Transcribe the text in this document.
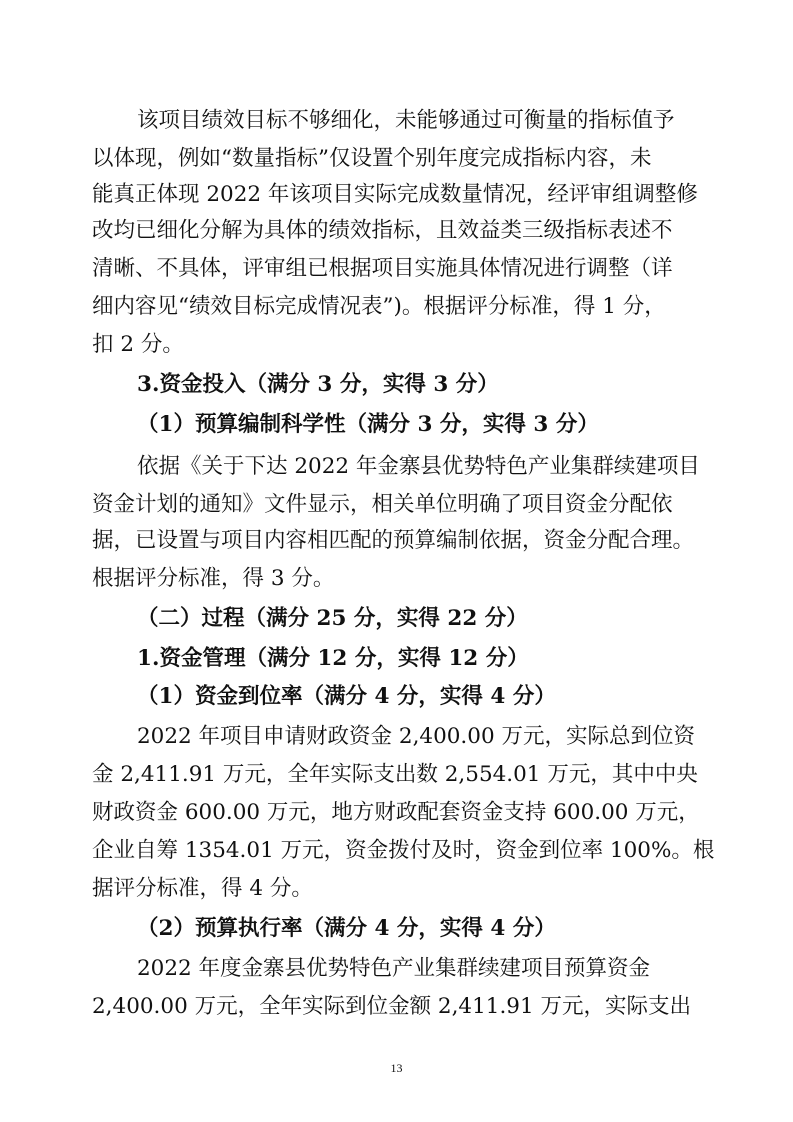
该项目绩效目标不够细化，未能够通过可衡量的指标值予
以体现，例如“数量指标”仅设置个别年度完成指标内容，未
能真正体现 2022 年该项目实际完成数量情况，经评审组调整修
改均已细化分解为具体的绩效指标，且效益类三级指标表述不
清晰、不具体，评审组已根据项目实施具体情况进行调整（详
细内容见“绩效目标完成情况表”)。根据评分标准，得 1 分，
扣 2 分。
3.资金投入（满分 3 分，实得 3 分）
（1）预算编制科学性（满分 3 分，实得 3 分）
依据《关于下达 2022 年金寨县优势特色产业集群续建项目
资金计划的通知》文件显示，相关单位明确了项目资金分配依
据，已设置与项目内容相匹配的预算编制依据，资金分配合理。
根据评分标准，得 3 分。
（二）过程（满分 25 分，实得 22 分）
1.资金管理（满分 12 分，实得 12 分）
（1）资金到位率（满分 4 分，实得 4 分）
2022 年项目申请财政资金 2,400.00 万元，实际总到位资
金 2,411.91 万元，全年实际支出数 2,554.01 万元，其中中央
财政资金 600.00 万元，地方财政配套资金支持 600.00 万元，
企业自筹 1354.01 万元，资金拨付及时，资金到位率 100%。根
据评分标准，得 4 分。
（2）预算执行率（满分 4 分，实得 4 分）
2022 年度金寨县优势特色产业集群续建项目预算资金
2,400.00 万元，全年实际到位金额 2,411.91 万元，实际支出
13
